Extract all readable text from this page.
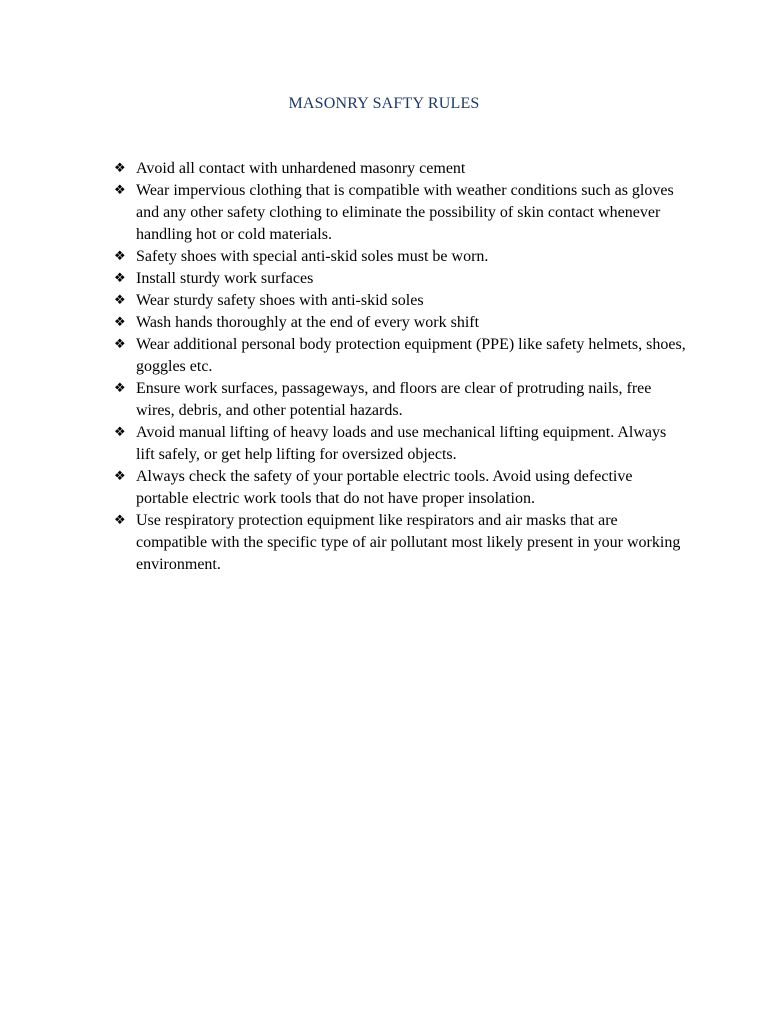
MASONRY SAFTY RULES
❖ Avoid all contact with unhardened masonry cement
❖ Wear impervious clothing that is compatible with weather conditions such as gloves and any other safety clothing to eliminate the possibility of skin contact whenever handling hot or cold materials.
❖ Safety shoes with special anti-skid soles must be worn.
❖ Install sturdy work surfaces
❖ Wear sturdy safety shoes with anti-skid soles
❖ Wash hands thoroughly at the end of every work shift
❖ Wear additional personal body protection equipment (PPE) like safety helmets, shoes, goggles etc.
❖ Ensure work surfaces, passageways, and floors are clear of protruding nails, free wires, debris, and other potential hazards.
❖ Avoid manual lifting of heavy loads and use mechanical lifting equipment. Always lift safely, or get help lifting for oversized objects.
❖ Always check the safety of your portable electric tools. Avoid using defective portable electric work tools that do not have proper insolation.
❖ Use respiratory protection equipment like respirators and air masks that are compatible with the specific type of air pollutant most likely present in your working environment.
